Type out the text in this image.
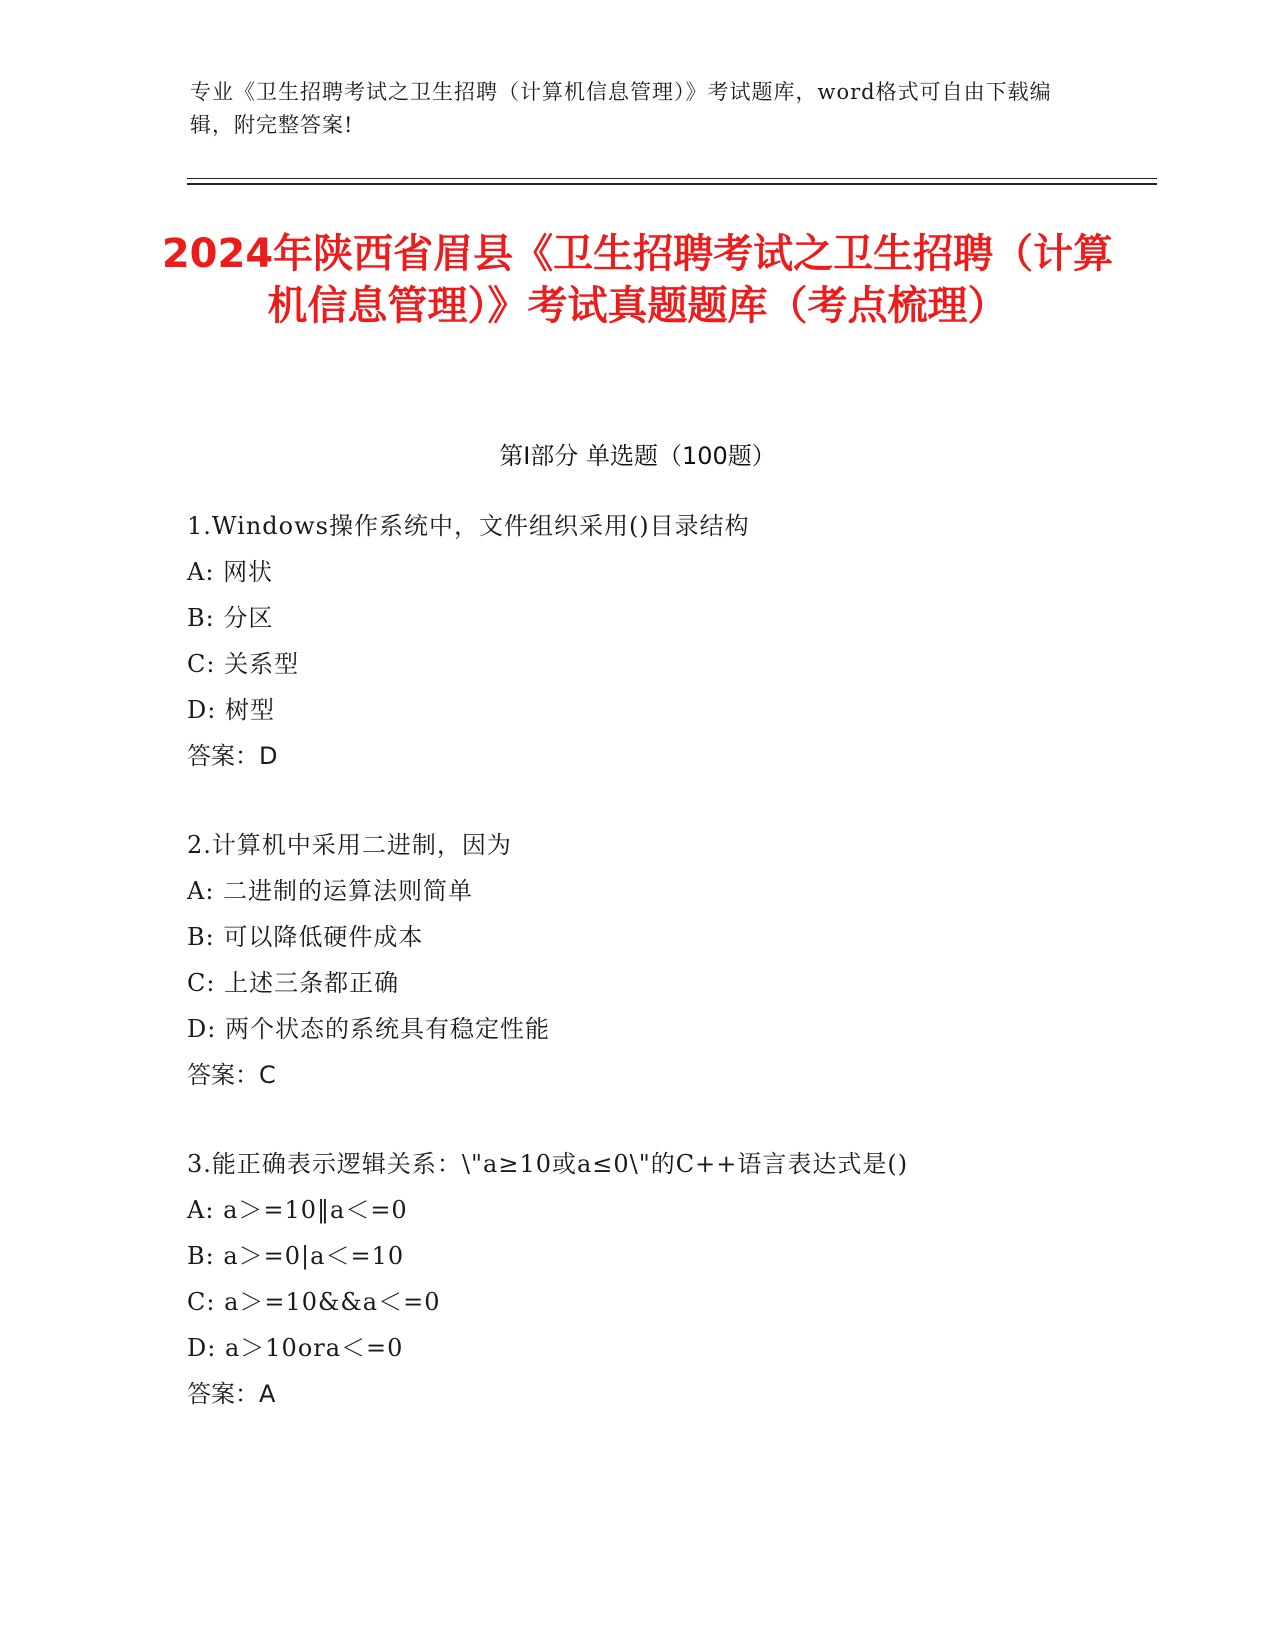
专业《卫生招聘考试之卫生招聘（计算机信息管理）》考试题库，word格式可自由下载编辑，附完整答案!
2024年陕西省眉县《卫生招聘考试之卫生招聘（计算机信息管理）》考试真题题库（考点梳理）
第I部分 单选题（100题）
1.Windows操作系统中，文件组织采用()目录结构
A: 网状
B: 分区
C: 关系型
D: 树型
答案：D
2.计算机中采用二进制，因为
A: 二进制的运算法则简单
B: 可以降低硬件成本
C: 上述三条都正确
D: 两个状态的系统具有稳定性能
答案：C
3.能正确表示逻辑关系：\"a≥10或a≤0\"的C++语言表达式是()
A: a＞=10‖a＜=0
B: a＞=0|a＜=10
C: a＞=10&&a＜=0
D: a＞10ora＜=0
答案：A
